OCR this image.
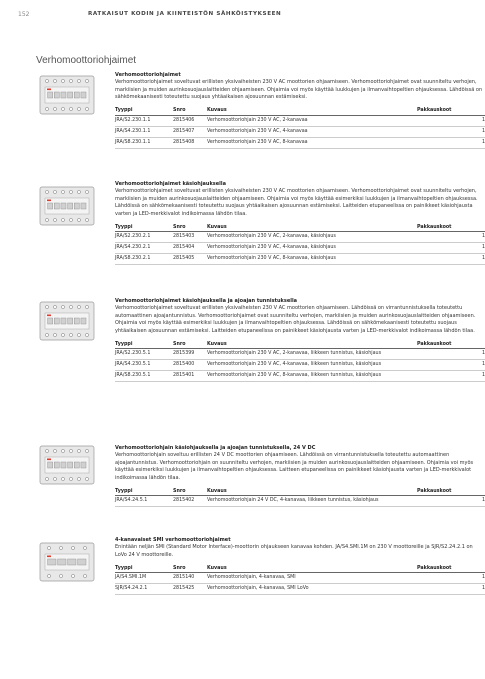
152	RATKAISUT KODIN JA KIINTEISTÖN SÄHKÖISTYKSEEN
Verhomoottoriohjaimet
Verhomoottoriohjaimet
Verhomoottoriohjaimet soveltuvat erillisten yksivaiheisten 230 V AC moottorien ohjaamiseen. Verhomoottoriohjaimet ovat suunniteltu verhojen, markiisien ja muiden aurinkosuojauslaitteiden ohjaamiseen. Ohjaimia voi myös käyttää luukkujen ja ilmanvaihtopeltien ohjauksessa. Lähdöissä on sähkömekaanisesti toteutettu suojaus yhtäaikaisen ajosuunnan estämiseksi.
Tyyppi	Snro	Kuvaus	Pakkauskoot
JRA/S2.230.1.1	2815406	Verhomoottoriohjain 230 V AC, 2-kanavaa	1
JRA/S4.230.1.1	2815407	Verhomoottoriohjain 230 V AC, 4-kanavaa	1
JRA/S8.230.1.1	2815408	Verhomoottoriohjain 230 V AC, 8-kanavaa	1
Verhomoottoriohjaimet käsiohjauksella
Verhomoottoriohjaimet soveltuvat erillisten yksivaiheisten 230 V AC moottorien ohjaamiseen. Verhomoottoriohjaimet ovat suunniteltu verhojen, markiisien ja muiden aurinkosuojauslaitteiden ohjaamiseen. Ohjaimia voi myös käyttää esimerkiksi luukkujen ja ilmanvaihtopeltien ohjauksessa. Lähdöissä on sähkömekaanisesti toteutettu suojaus yhtäaikaisen ajosuunnan estämiseksi. Laitteiden etupaneelissa on painikkeet käsiohjausta varten ja LED-merkkivalot indikoimassa lähdön tilaa.
Tyyppi	Snro	Kuvaus	Pakkauskoot
JRA/S2.230.2.1	2815403	Verhomoottoriohjain 230 V AC, 2-kanavaa, käsiohjaus	1
JRA/S4.230.2.1	2815404	Verhomoottoriohjain 230 V AC, 4-kanavaa, käsiohjaus	1
JRA/S8.230.2.1	2815405	Verhomoottoriohjain 230 V AC, 8-kanavaa, käsiohjaus	1
Verhomoottoriohjaimet käsiohjauksella ja ajoajan tunnistuksella
Verhomoottoriohjaimet soveltuvat erillisten yksivaiheisten 230 V AC moottorien ohjaamiseen. Lähdöissä on virrantunnistuksella toteutettu automaattinen ajoajantunnistus. Verhomoottoriohjaimet ovat suunniteltu verhojen, markiisien ja muiden aurinkosuojauslaitteiden ohjaamiseen. Ohjaimia voi myös käyttää esimerkiksi luukkujen ja ilmanvaihtopeltien ohjauksessa. Lähdöissä on sähkömekaanisesti toteutettu suojaus yhtäaikaisen ajosuunnan estämiseksi. Laitteiden etupaneelissa on painikkeet käsiohjausta varten ja LED-merkkivalot indikoimassa lähdön tilaa.
Tyyppi	Snro	Kuvaus	Pakkauskoot
JRA/S2.230.5.1	2815399	Verhomoottoriohjain 230 V AC, 2-kanavaa, liikkeen tunnistus, käsiohjaus	1
JRA/S4.230.5.1	2815400	Verhomoottoriohjain 230 V AC, 4-kanavaa, liikkeen tunnistus, käsiohjaus	1
JRA/S8.230.5.1	2815401	Verhomoottoriohjain 230 V AC, 8-kanavaa, liikkeen tunnistus, käsiohjaus	1
Verhomoottoriohjain käsiohjauksella ja ajoajan tunnistuksella, 24 V DC
Verhomoottoriohjain soveltuu erillisten 24 V DC moottorien ohjaamiseen. Lähdöissä on virrantunnistuksella toteutettu automaattinen ajoajantunnistus. Verhomoottoriohjain on suunniteltu verhojen, markiisien ja muiden aurinkosuojauslaitteiden ohjaamiseen. Ohjaimia voi myös käyttää esimerkiksi luukkujen ja ilmanvaihtopeltien ohjauksessa. Laitteen etupaneelissa on painikkeet käsiohjausta varten ja LED-merkkivalot indikoimassa lähdön tilaa.
Tyyppi	Snro	Kuvaus	Pakkauskoot
JRA/S4.24.5.1	2815402	Verhomoottoriohjain 24 V DC, 4-kanavaa, liikkeen tunnistus, käsiohjaus	1
4-kanavaiset SMI verhomoottoriohjaimet
Enintään neljän SMI (Standard Motor Interface)-moottorin ohjaukseen kanavaa kohden. JA/S4.SMI.1M on 230 V moottoreille ja SJR/S2.24.2.1 on LoVo 24 V moottoreille.
Tyyppi	Snro	Kuvaus	Pakkauskoot
JA/S4.SMI.1M	2815140	Verhomoottoriohjain, 4-kanavaa, SMI	1
SJR/S4.24.2.1	2815425	Verhomoottoriohjain, 4-kanavaa, SMI LoVo	1
